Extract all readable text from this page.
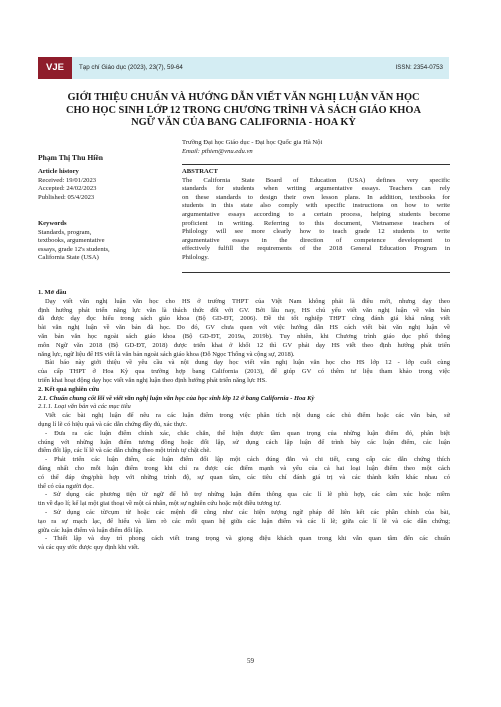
VJE	Tạp chí Giáo dục (2023), 23(7), 59-64	ISSN: 2354-0753
GIỚI THIỆU CHUẨN VÀ HƯỚNG DẪN VIẾT VĂN NGHỊ LUẬN VĂN HỌC
CHO HỌC SINH LỚP 12 TRONG CHƯƠNG TRÌNH VÀ SÁCH GIÁO KHOA
NGỮ VĂN CỦA BANG CALIFORNIA - HOA KỲ
Phạm Thị Thu Hiền
Trường Đại học Giáo dục - Đại học Quốc gia Hà Nội
Email: pthien@vnu.edu.vn
Article history
Received: 19/01/2023
Accepted: 24/02/2023
Published: 05/4/2023
Keywords
Standards, program,
textbooks, argumentative
essays, grade 12's students,
California State (USA)
ABSTRACT
The California State Board of Education (USA) defines very specific
standards for students when writing argumentative essays. Teachers can rely
on these standards to design their own lesson plans. In addition, textbooks for
students in this state also comply with specific instructions on how to write
argumentative essays according to a certain process, helping students become
proficient in writing. Referring to this document, Vietnamese teachers of
Philology will see more clearly how to teach grade 12 students to write
argumentative essays in the direction of competence development to
effectively fulfill the requirements of the 2018 General Education Program in
Philology.
1. Mở đầu
Dạy viết văn nghị luận văn học cho HS ở trường THPT của Việt Nam không phải là điều mới, nhưng dạy theo
định hướng phát triển năng lực văn là thách thức đối với GV. Bởi lâu nay, HS chủ yếu viết văn nghị luận về văn bản
đã được dạy đọc hiểu trong sách giáo khoa (Bộ GD-ĐT, 2006). Đề thi tốt nghiệp THPT cũng đánh giá khả năng viết
bài văn nghị luận về văn bản đã học. Do đó, GV chưa quen với việc hướng dẫn HS cách viết bài văn nghị luận về
văn bản văn học ngoài sách giáo khoa (Bộ GD-ĐT, 2019a, 2019b). Tuy nhiên, khi Chương trình giáo dục phổ thông
môn Ngữ văn 2018 (Bộ GD-ĐT, 2018) được triển khai ở khối 12 thì GV phải dạy HS viết theo định hướng phát triển
năng lực, ngữ liệu để HS viết là văn bản ngoài sách giáo khoa (Đỗ Ngọc Thống và cộng sự, 2018).
Bài báo này giới thiệu về yêu cầu và nội dung dạy học viết văn nghị luận văn học cho HS lớp 12 - lớp cuối cùng
của cấp THPT ở Hoa Kỳ qua trường hợp bang California (2013), để giúp GV có thêm tư liệu tham khảo trong việc
triển khai hoạt động dạy học viết văn nghị luận theo định hướng phát triển năng lực HS.
2. Kết quả nghiên cứu
2.1. Chuẩn chung cốt lõi về viết văn nghị luận văn học của học sinh lớp 12 ở bang California - Hoa Kỳ
2.1.1. Loại văn bản và các mục tiêu
Viết các bài nghị luận để nêu ra các luận điểm trong việc phân tích nội dung các chủ điểm hoặc các văn bản, sử
dụng lí lẽ có hiệu quả và các dẫn chứng đầy đủ, xác thực.
- Đưa ra các luận điểm chính xác, chắc chắn, thể hiện được tầm quan trọng của những luận điểm đó, phân biệt
chúng với những luận điểm tương đồng hoặc đối lập, sử dụng cách lập luận để trình bày các luận điểm, các luận
điểm đối lập, các lí lẽ và các dẫn chứng theo một trình tự chặt chẽ.
- Phát triển các luận điểm, các luận điểm đối lập một cách đúng đắn và chi tiết, cung cấp các dẫn chứng thích
đáng nhất cho mỗi luận điểm trong khi chỉ ra được các điểm mạnh và yếu của cả hai loại luận điểm theo một cách
có thể đáp ứng/phù hợp với những trình độ, sự quan tâm, các tiêu chí đánh giá trị và các thành kiến khác nhau có
thể có của người đọc.
- Sử dụng các phương tiện từ ngữ để hỗ trợ những luận điểm thông qua các lí lẽ phù hợp, các câm xúc hoặc niềm
tin về đạo lí; kể lại một giai thoại về một cá nhân, một sự nghiên cứu hoặc một điều tương tự.
- Sử dụng các từ/cụm từ hoặc các mệnh đề cũng như các hiện tượng ngữ pháp để liên kết các phần chính của bài,
tạo ra sự mạch lạc, để hiểu và làm rõ các mối quan hệ giữa các luận điểm và các lí lẽ; giữa các lí lẽ và các dẫn chứng;
giữa các luận điểm và luận điểm đối lập.
- Thiết lập và duy trì phong cách viết trang trọng và giọng điệu khách quan trong khi vẫn quan tâm đến các chuẩn
và các quy ước được quy định khi viết.
59
